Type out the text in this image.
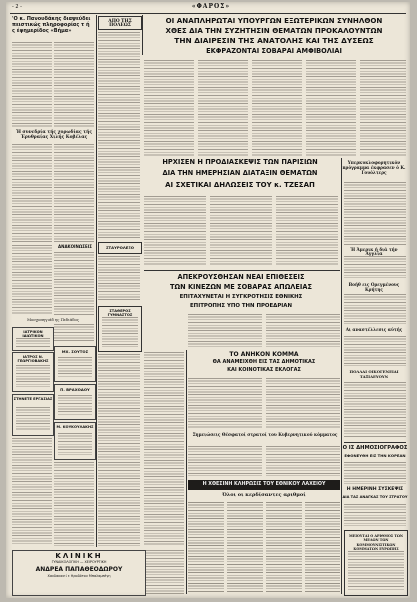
- 2 -	«ΦΑΡΟΣ»
'Ο κ. Πανουδάκης διαψεύδει πειστικώς πληροφορίας τ ή ς έφημερίδος «Βήμα»
Ή συνεδρία τής χορωδίας τής Έρυθραίας Χιλής Κοβέλας
ΑΝΑΚΟΙΝΩΣΕΙΣ
Μοσχοπηγιάδ ης Πεδιάδος
ΙΑΤΡΙΚΟΝ ΙΔΙΩΤΙΚΟΝ
ΙΑΤΡΟΣ Ν. ΓΕΩΡΓΙΟΒΑΚΗΣ
ΣΤΗΝΕΤΕ ΕΡΓΑΣΙΑΣ
ΜΧ. ΣΟΥΤΟΣ
Π. ΒΡΑΧΟΔΟΥ
Μ. ΚΟΥΚΟΥΛΑΚΗΣ
ΚΛΙΝΙΚΗ
ΓΥΝΑΙΚΟΛΟΓΙΚΗ — ΧΕΙΡΟΥΡΓΙΚΗ
ΑΝΔΡΕΑ ΠΑΠΑΘΕΟΔΩΡΟΥ
Χανδακασ ί ε Ηροδότου Μπαλαμπέγη
ΑΠΟ ΤΗΣ ΠΟΛΕΩΣ
ΣΤΑΥΡΟΛΕΞΟ
ΣΤΑΘΕΡΟΣ ΓΥΜΝΑΣΤΟΣ
ΟΙ ΑΝΑΠΛΗΡΩΤΑΙ ΥΠΟΥΡΓΩΝ ΕΞΩΤΕΡΙΚΩΝ ΣΥΝΗΛΘΟΝ
ΧΘΕΣ ΔΙΑ ΤΗΝ ΣΥΖΗΤΗΣΙΝ ΘΕΜΑΤΩΝ ΠΡΟΚΑΛΟΥΝΤΩΝ
ΤΗΝ ΔΙΑΙΡΕΣΙΝ ΤΗΣ ΑΝΑΤΟΛΗΣ ΚΑΙ ΤΗΣ ΔΥΣΕΩΣ
ΕΚΦΡΑΖΟΝΤΑΙ ΣΟΒΑΡΑΙ ΑΜΦΙΒΟΛΙΑΙ
ΗΡΧΙΣΕΝ Η ΠΡΟΔΙΑΣΚΕΨΙΣ ΤΩΝ ΠΑΡΙΣΙΩΝ
ΔΙΑ ΤΗΝ ΗΜΕΡΗΣΙΑΝ ΔΙΑΤΑΞΙΝ ΘΕΜΑΤΩΝ
ΑΙ ΣΧΕΤΙΚΑΙ ΔΗΛΩΣΕΙΣ ΤΟΥ κ. ΤΖΕΣΑΠ
Υπερκυκλοφορητικόν πρόγραμμα έκφρασεν ό Κ. Γουόλτερς
Ή Άμερικ ή διά τήν Αγγλία
Βοήθ εις Ορεγμένους Κρήτης
Αι αναστέλλεσις αύτής
ΠΟΛΛΑΙ ΟΙΚΟΓΕΝΕΙΑΙ ΤΑΞΙΔΕΥΟΥΝ
ΑΠΕΚΡΟΥΣΘΗΣΑΝ ΝΕΑΙ ΕΠΙΘΕΣΕΙΣ
ΤΩΝ ΚΙΝΕΖΩΝ ΜΕ ΣΟΒΑΡΑΣ ΑΠΩΛΕΙΑΣ
ΕΠΙΤΑΧΥΝΕΤΑΙ Η ΣΥΓΚΡΟΤΗΣΙΣ ΕΘΝΙΚΗΣ
ΕΠΙΤΡΟΠΗΣ ΥΠΟ ΤΗΝ ΠΡΟΕΔΡΙΑΝ
ΤΟ ΑΝΗΚΟΝ ΚΟΜΜΑ
ΘΑ ΑΝΑΜΕΙΧΘΗ ΕΙΣ ΤΑΣ ΔΗΜΟΤΙΚΑΣ
ΚΑΙ ΚΟΙΝΟΤΙΚΑΣ ΕΚΛΟΓΑΣ
Σημειώσεις Θέσφατοί στρατοί του Κυβερνητικού κόμματος
Η ΧΘΕΣΙΝΗ ΚΛΗΡΩΣΙΣ ΤΟΥ ΕΘΝΙΚΟΥ ΛΑΧΕΙΟΥ
Όλοι οι κερδίσαντες αριθμοί
Ο ΙΣ ΔΗΜΟΣΙΟΓΡΑΦΟΣ
ΕΦΟΝΕΥΘΗ ΕΙΣ ΤΗΝ ΚΟΡΕΑΝ
Η ΗΜΕΡΙΝΗ ΣΥΣΚΕΨΙΣ
ΔΙΑ ΤΑΣ ΑΝΑΓΚΑΣ ΤΟΥ ΣΤΡΑΤΟΥ
ΜΕΙΟΥΤΑΙ Ο ΑΡΙΘΜΟΣ ΤΩΝ ΜΕΛΩΝ ΤΩΝ ΚΟΜΜΟΥΝΙΣΤΙΚΩΝ ΚΟΜΜΑΤΩΝ ΕΥΡΩΠΗΣ
